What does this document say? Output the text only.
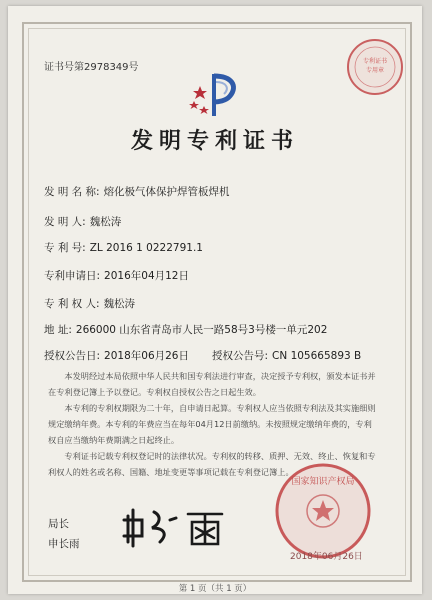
专利证书
专用章
证书号第2978349号
发明专利证书
发 明 名 称: 熔化极气体保护焊管板焊机
发 明 人: 魏松涛
专 利 号: ZL 2016 1 0222791.1
专利申请日: 2016年04月12日
专 利 权 人: 魏松涛
地 址: 266000 山东省青岛市人民一路58号3号楼一单元202
授权公告日: 2018年06月26日 授权公告号: CN 105665893 B

本发明经过本局依照中华人民共和国专利法进行审查，决定授予专利权，颁发本证书并在专利登记簿上予以登记。专利权自授权公告之日起生效。

本专利的专利权期限为二十年，自申请日起算。专利权人应当依照专利法及其实施细则规定缴纳年费。本专利的年费应当在每年04月12日前缴纳。未按照规定缴纳年费的，专利权自应当缴纳年费期满之日起终止。

专利证书记载专利权登记时的法律状况。专利权的转移、质押、无效、终止、恢复和专利权人的姓名或名称、国籍、地址变更等事项记载在专利登记簿上。

国家知识产权局
2018年06月26日
局长
申长雨
第 1 页（共 1 页）
